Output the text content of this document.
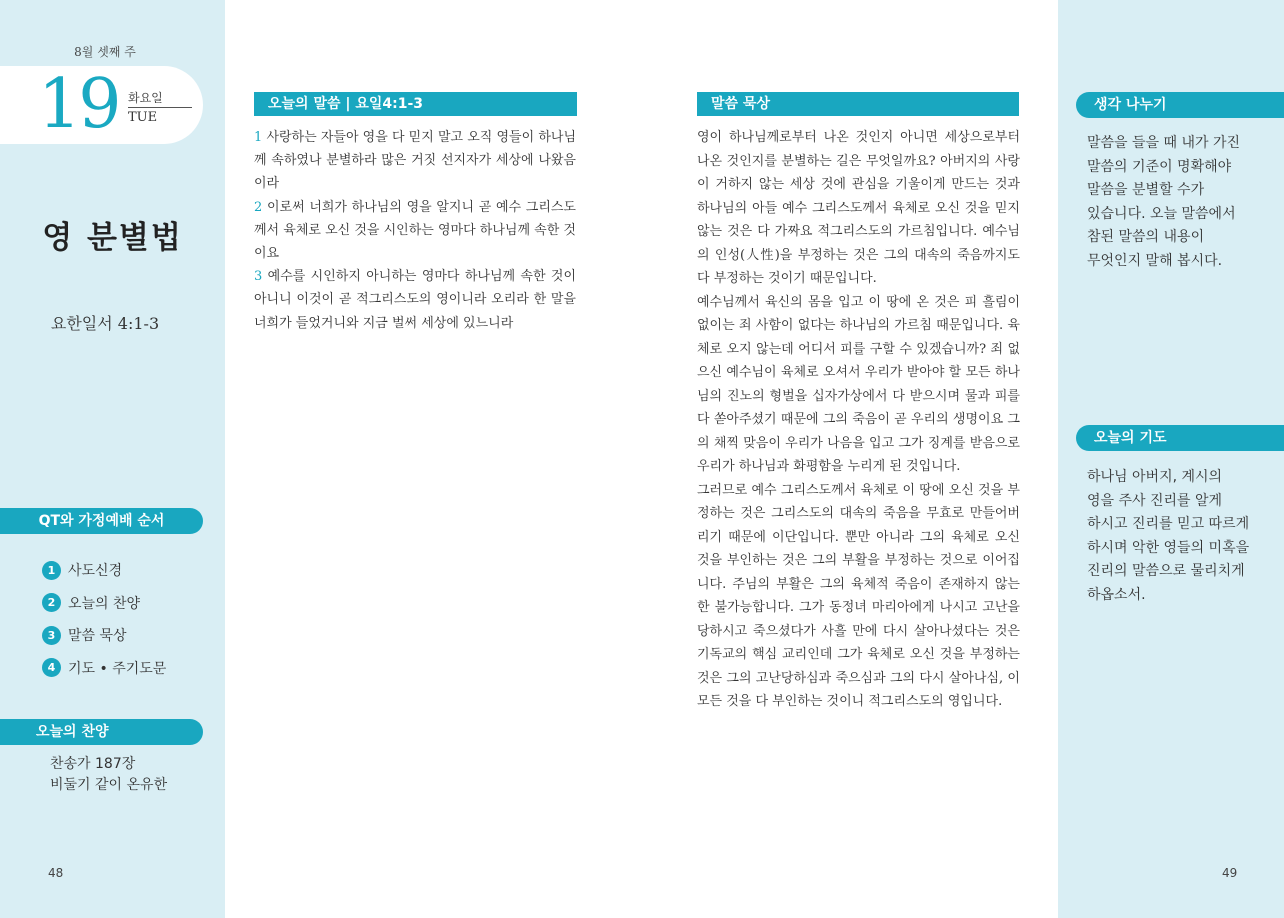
8월 셋째 주
19 화요일
TUE
영 분별법
요한일서 4:1-3
QT와 가정예배 순서
1 사도신경
2 오늘의 찬양
3 말씀 묵상
4 기도 • 주기도문
오늘의 찬양
찬송가 187장
비둘기 같이 온유한
48
오늘의 말씀 | 요일4:1-3
1 사랑하는 자들아 영을 다 믿지 말고 오직 영들이 하나님께 속하였나 분별하라 많은 거짓 선지자가 세상에 나왔음이라
2 이로써 너희가 하나님의 영을 알지니 곧 예수 그리스도께서 육체로 오신 것을 시인하는 영마다 하나님께 속한 것이요
3 예수를 시인하지 아니하는 영마다 하나님께 속한 것이 아니니 이것이 곧 적그리스도의 영이니라 오리라 한 말을 너희가 들었거니와 지금 벌써 세상에 있느니라
말씀 묵상

영이 하나님께로부터 나온 것인지 아니면 세상으로부터 나온 것인지를 분별하는 길은 무엇일까요? 아버지의 사랑이 거하지 않는 세상 것에 관심을 기울이게 만드는 것과 하나님의 아들 예수 그리스도께서 육체로 오신 것을 믿지 않는 것은 다 가짜요 적그리스도의 가르침입니다. 예수님의 인성(人性)을 부정하는 것은 그의 대속의 죽음까지도 다 부정하는 것이기 때문입니다.

예수님께서 육신의 몸을 입고 이 땅에 온 것은 피 흘림이 없이는 죄 사함이 없다는 하나님의 가르침 때문입니다. 육체로 오지 않는데 어디서 피를 구할 수 있겠습니까? 죄 없으신 예수님이 육체로 오셔서 우리가 받아야 할 모든 하나님의 진노의 형벌을 십자가상에서 다 받으시며 물과 피를 다 쏟아주셨기 때문에 그의 죽음이 곧 우리의 생명이요 그의 채찍 맞음이 우리가 나음을 입고 그가 징계를 받음으로 우리가 하나님과 화평함을 누리게 된 것입니다.

그러므로 예수 그리스도께서 육체로 이 땅에 오신 것을 부정하는 것은 그리스도의 대속의 죽음을 무효로 만들어버리기 때문에 이단입니다. 뿐만 아니라 그의 육체로 오신 것을 부인하는 것은 그의 부활을 부정하는 것으로 이어집니다. 주님의 부활은 그의 육체적 죽음이 존재하지 않는 한 불가능합니다. 그가 동정녀 마리아에게 나시고 고난을 당하시고 죽으셨다가 사흘 만에 다시 살아나셨다는 것은 기독교의 핵심 교리인데 그가 육체로 오신 것을 부정하는 것은 그의 고난당하심과 죽으심과 그의 다시 살아나심, 이 모든 것을 다 부인하는 것이니 적그리스도의 영입니다.

생각 나누기
말씀을 들을 때 내가 가진
말씀의 기준이 명확해야
말씀을 분별할 수가
있습니다. 오늘 말씀에서
참된 말씀의 내용이
무엇인지 말해 봅시다.
오늘의 기도
하나님 아버지, 계시의
영을 주사 진리를 알게
하시고 진리를 믿고 따르게
하시며 악한 영들의 미혹을
진리의 말씀으로 물리치게
하옵소서.
49
